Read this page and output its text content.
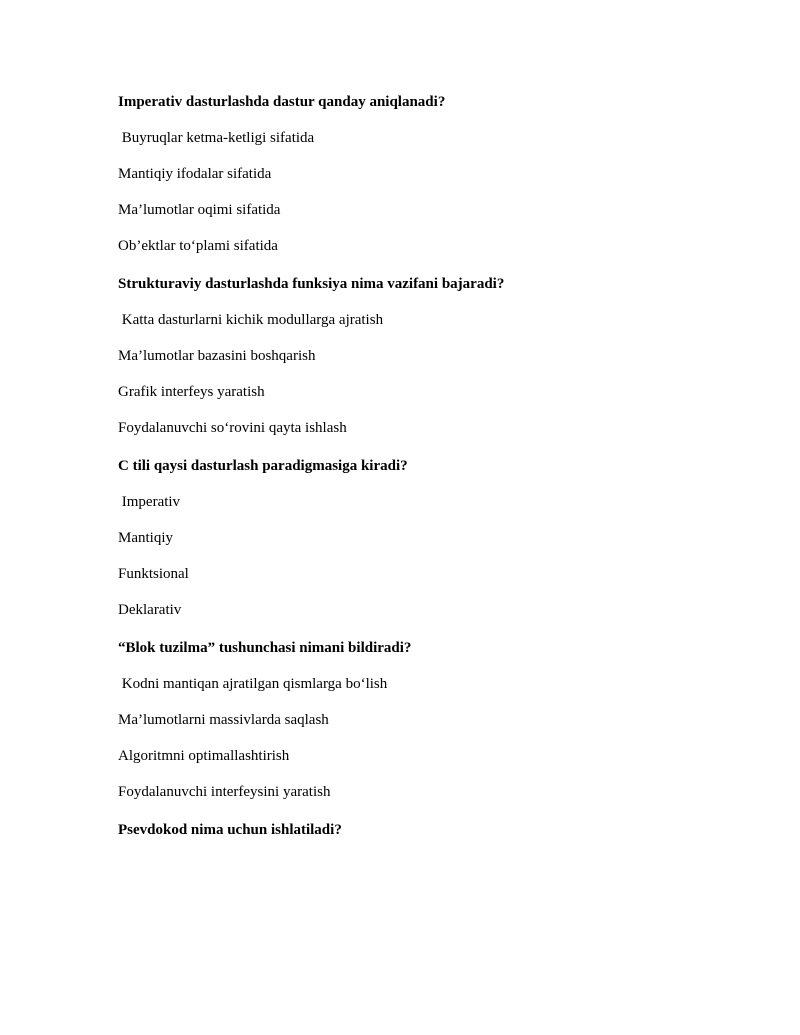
Imperativ dasturlashda dastur qanday aniqlanadi?
Buyruqlar ketma-ketligi sifatida
Mantiqiy ifodalar sifatida
Ma’lumotlar oqimi sifatida
Ob’ektlar to‘plami sifatida
Strukturaviy dasturlashda funksiya nima vazifani bajaradi?
Katta dasturlarni kichik modullarga ajratish
Ma’lumotlar bazasini boshqarish
Grafik interfeys yaratish
Foydalanuvchi so‘rovini qayta ishlash
C tili qaysi dasturlash paradigmasiga kiradi?
Imperativ
Mantiqiy
Funktsional
Deklarativ
“Blok tuzilma” tushunchasi nimani bildiradi?
Kodni mantiqan ajratilgan qismlarga bo‘lish
Ma’lumotlarni massivlarda saqlash
Algoritmni optimallashtirish
Foydalanuvchi interfeysini yaratish
Psevdokod nima uchun ishlatiladi?
